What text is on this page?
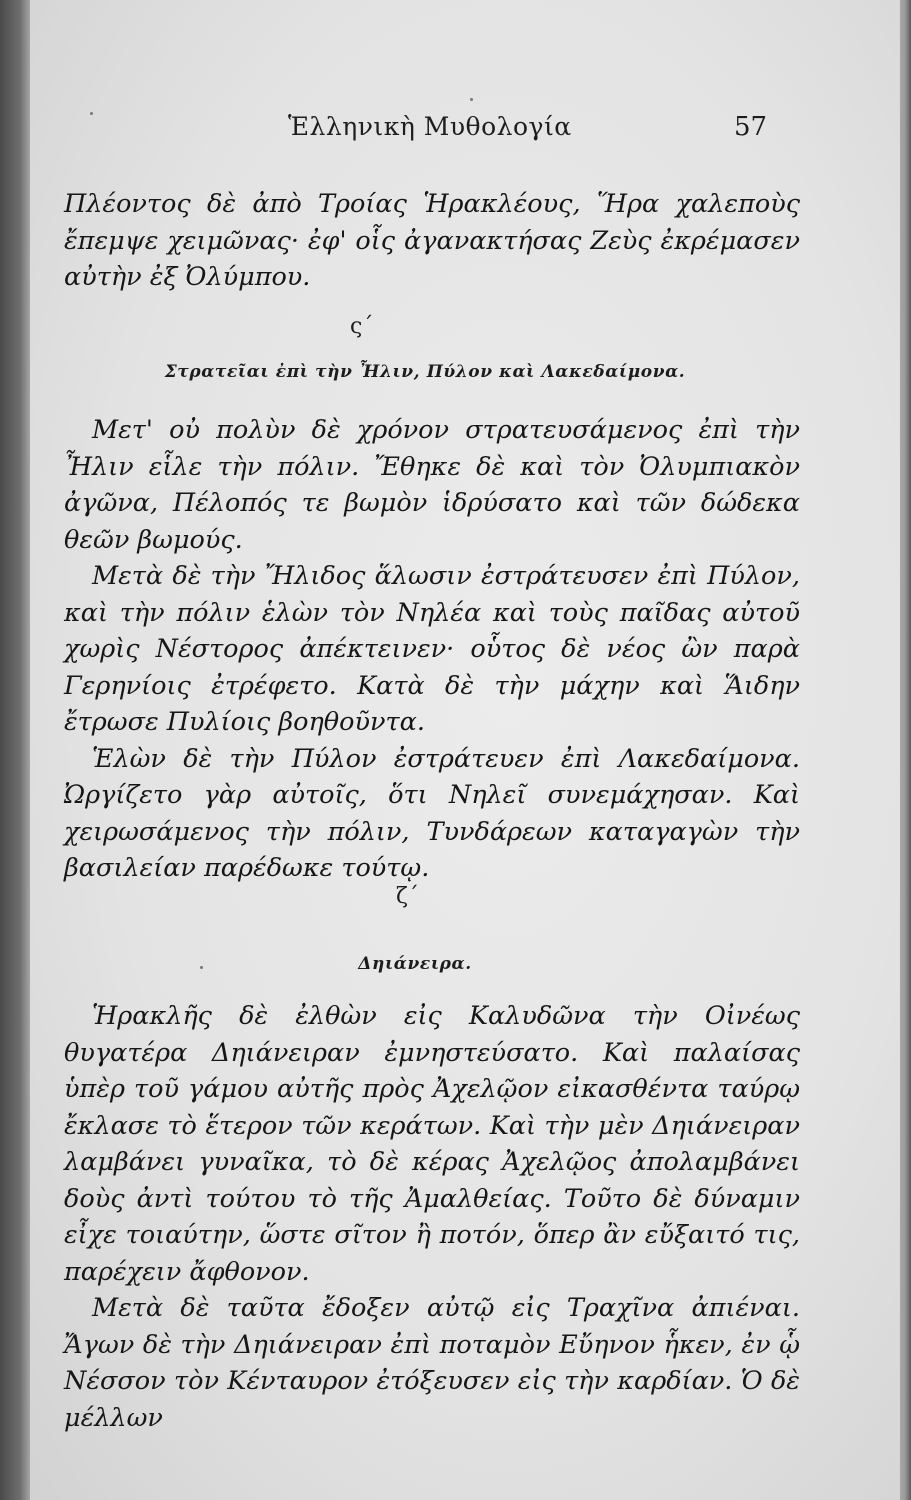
Ἑλληνικὴ Μυθολογία	57

Πλέοντος δὲ ἀπὸ Τροίας Ἡρακλέους, Ἥρα χαλεποὺς ἔπεμψε χειμῶνας· ἐφ' οἷς ἀγανακτήσας Ζεὺς ἐκρέμασεν αὐτὴν ἐξ Ὀλύμπου.

ς΄
Στρατεῖαι ἐπὶ τὴν Ἦλιν, Πύλον καὶ Λακεδαίμονα.

Μετ' οὐ πολὺν δὲ χρόνον στρατευσάμενος ἐπὶ τὴν Ἦλιν εἷλε τὴν πόλιν. Ἔθηκε δὲ καὶ τὸν Ὀλυμπιακὸν ἀγῶνα, Πέλοπός τε βωμὸν ἱδρύσατο καὶ τῶν δώδεκα θεῶν βωμούς.

Μετὰ δὲ τὴν Ἤλιδος ἅλωσιν ἐστράτευσεν ἐπὶ Πύλον, καὶ τὴν πόλιν ἑλὼν τὸν Νηλέα καὶ τοὺς παῖδας αὐτοῦ χωρὶς Νέστορος ἀπέκτεινεν· οὗτος δὲ νέος ὢν παρὰ Γερηνίοις ἐτρέφετο. Κατὰ δὲ τὴν μάχην καὶ Ἅιδην ἔτρωσε Πυλίοις βοηθοῦντα.

Ἑλὼν δὲ τὴν Πύλον ἐστράτευεν ἐπὶ Λακεδαίμονα. Ὠργίζετο γὰρ αὐτοῖς, ὅτι Νηλεῖ συνεμάχησαν. Καὶ χειρωσάμενος τὴν πόλιν, Τυνδάρεων καταγαγὼν τὴν βασιλείαν παρέδωκε τούτῳ.

ζ΄
Δηιάνειρα.

Ἡρακλῆς δὲ ἐλθὼν εἰς Καλυδῶνα τὴν Οἰνέως θυγατέρα Δηιάνειραν ἐμνηστεύσατο. Καὶ παλαίσας ὑπὲρ τοῦ γάμου αὐτῆς πρὸς Ἀχελῷον εἰκασθέντα ταύρῳ ἔκλασε τὸ ἕτερον τῶν κεράτων. Καὶ τὴν μὲν Δηιάνειραν λαμβάνει γυναῖκα, τὸ δὲ κέρας Ἀχελῷος ἀπολαμβάνει δοὺς ἀντὶ τούτου τὸ τῆς Ἀμαλθείας. Τοῦτο δὲ δύναμιν εἶχε τοιαύτην, ὥστε σῖτον ἢ ποτόν, ὅπερ ἂν εὔξαιτό τις, παρέχειν ἄφθονον.

Μετὰ δὲ ταῦτα ἔδοξεν αὐτῷ εἰς Τραχῖνα ἀπιέναι. Ἄγων δὲ τὴν Δηιάνειραν ἐπὶ ποταμὸν Εὔηνον ἧκεν, ἐν ᾧ Νέσσον τὸν Κένταυρον ἐτόξευσεν εἰς τὴν καρδίαν. Ὁ δὲ μέλλων
